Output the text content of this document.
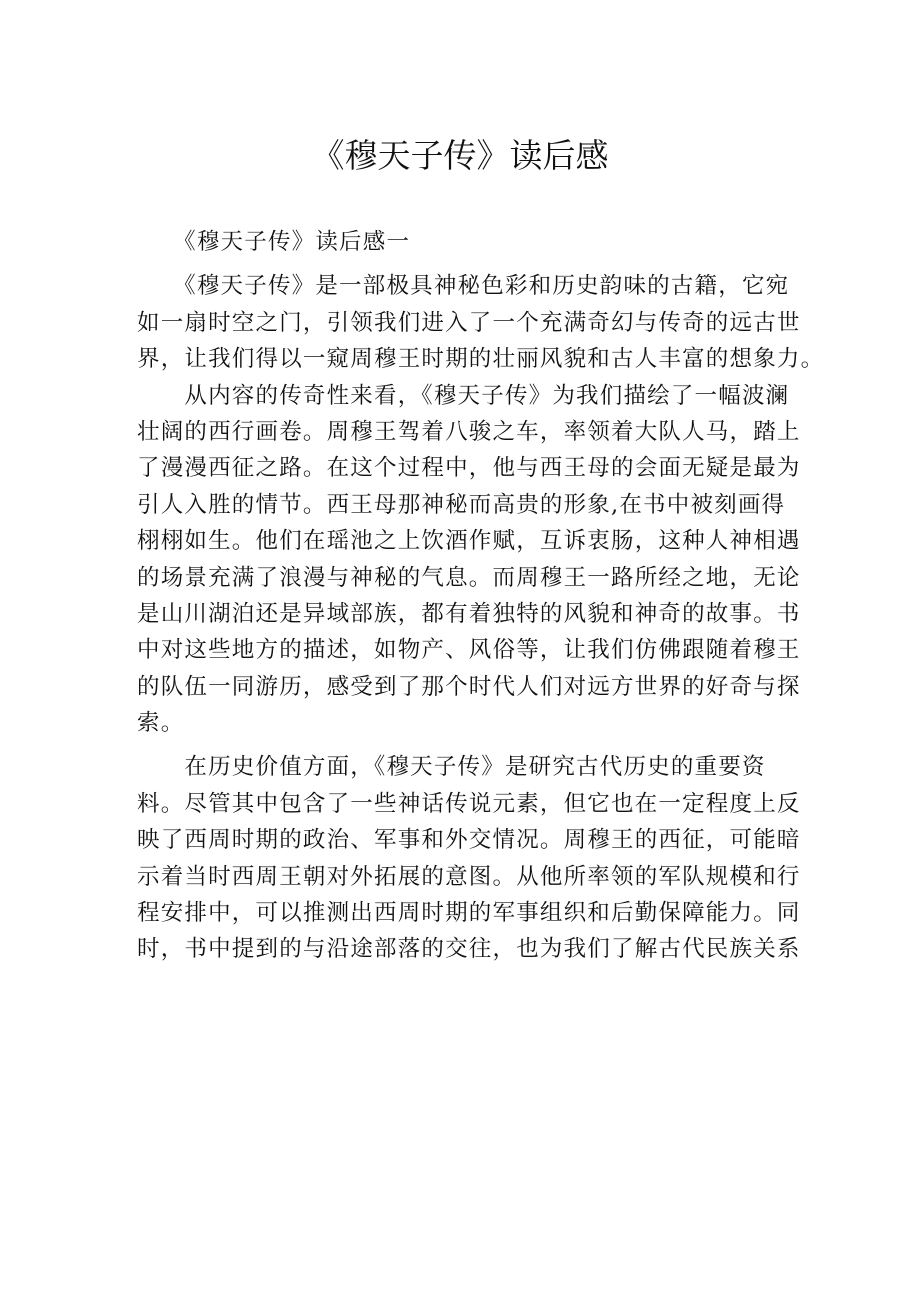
《穆天子传》读后感
　　《穆天子传》读后感一
　　《穆天子传》是一部极具神秘色彩和历史韵味的古籍，它宛
如一扇时空之门，引领我们进入了一个充满奇幻与传奇的远古世
界，让我们得以一窥周穆王时期的壮丽风貌和古人丰富的想象力。
　　从内容的传奇性来看，《穆天子传》为我们描绘了一幅波澜
壮阔的西行画卷。周穆王驾着八骏之车，率领着大队人马，踏上
了漫漫西征之路。在这个过程中，他与西王母的会面无疑是最为
引人入胜的情节。西王母那神秘而高贵的形象,在书中被刻画得
栩栩如生。他们在瑶池之上饮酒作赋，互诉衷肠，这种人神相遇
的场景充满了浪漫与神秘的气息。而周穆王一路所经之地，无论
是山川湖泊还是异域部族，都有着独特的风貌和神奇的故事。书
中对这些地方的描述，如物产、风俗等，让我们仿佛跟随着穆王
的队伍一同游历，感受到了那个时代人们对远方世界的好奇与探
索。
　　在历史价值方面，《穆天子传》是研究古代历史的重要资
料。尽管其中包含了一些神话传说元素，但它也在一定程度上反
映了西周时期的政治、军事和外交情况。周穆王的西征，可能暗
示着当时西周王朝对外拓展的意图。从他所率领的军队规模和行
程安排中，可以推测出西周时期的军事组织和后勤保障能力。同
时，书中提到的与沿途部落的交往，也为我们了解古代民族关系
